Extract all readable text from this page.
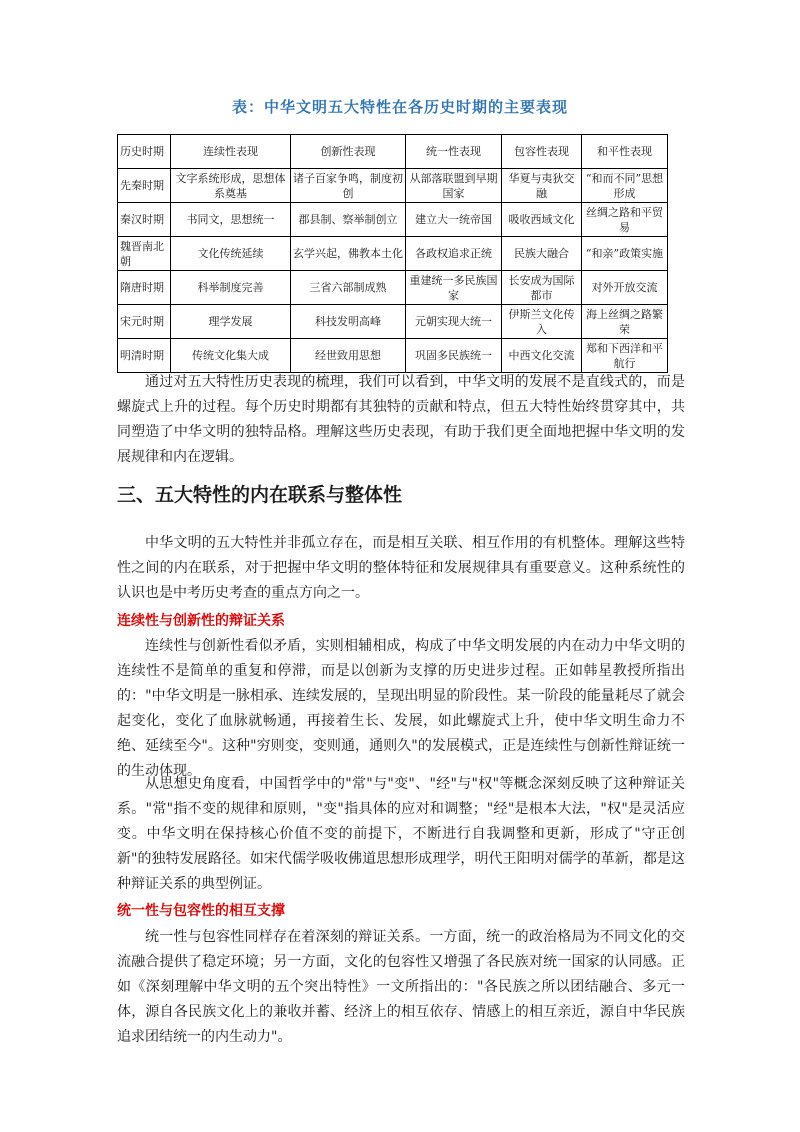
表：中华文明五大特性在各历史时期的主要表现
历史时期	连续性表现	创新性表现	统一性表现	包容性表现	和平性表现
先秦时期	文字系统形成，思想体系奠基	诸子百家争鸣，制度初创	从部落联盟到早期国家	华夏与夷狄交融	“和而不同”思想形成
秦汉时期	书同文，思想统一	郡县制、察举制创立	建立大一统帝国	吸收西域文化	丝绸之路和平贸易
魏晋南北朝	文化传统延续	玄学兴起，佛教本土化	各政权追求正统	民族大融合	“和亲”政策实施
隋唐时期	科举制度完善	三省六部制成熟	重建统一多民族国家	长安成为国际都市	对外开放交流
宋元时期	理学发展	科技发明高峰	元朝实现大统一	伊斯兰文化传入	海上丝绸之路繁荣
明清时期	传统文化集大成	经世致用思想	巩固多民族统一	中西文化交流	郑和下西洋和平航行

通过对五大特性历史表现的梳理，我们可以看到，中华文明的发展不是直线式的，而是螺旋式上升的过程。每个历史时期都有其独特的贡献和特点，但五大特性始终贯穿其中，共同塑造了中华文明的独特品格。理解这些历史表现，有助于我们更全面地把握中华文明的发展规律和内在逻辑。

三、五大特性的内在联系与整体性

中华文明的五大特性并非孤立存在，而是相互关联、相互作用的有机整体。理解这些特性之间的内在联系，对于把握中华文明的整体特征和发展规律具有重要意义。这种系统性的认识也是中考历史考查的重点方向之一。

连续性与创新性的辩证关系

连续性与创新性看似矛盾，实则相辅相成，构成了中华文明发展的内在动力中华文明的连续性不是简单的重复和停滞，而是以创新为支撑的历史进步过程。正如韩星教授所指出的："中华文明是一脉相承、连续发展的，呈现出明显的阶段性。某一阶段的能量耗尽了就会起变化，变化了血脉就畅通，再接着生长、发展，如此螺旋式上升，使中华文明生命力不绝、延续至今"。这种"穷则变，变则通，通则久"的发展模式，正是连续性与创新性辩证统一的生动体现。

从思想史角度看，中国哲学中的"常"与"变"、"经"与"权"等概念深刻反映了这种辩证关系。"常"指不变的规律和原则，"变"指具体的应对和调整；"经"是根本大法，"权"是灵活应变。中华文明在保持核心价值不变的前提下，不断进行自我调整和更新，形成了"守正创新"的独特发展路径。如宋代儒学吸收佛道思想形成理学，明代王阳明对儒学的革新，都是这种辩证关系的典型例证。

统一性与包容性的相互支撑

统一性与包容性同样存在着深刻的辩证关系。一方面，统一的政治格局为不同文化的交流融合提供了稳定环境；另一方面，文化的包容性又增强了各民族对统一国家的认同感。正如《深刻理解中华文明的五个突出特性》一文所指出的："各民族之所以团结融合、多元一体，源自各民族文化上的兼收并蓄、经济上的相互依存、情感上的相互亲近，源自中华民族追求团结统一的内生动力"。
